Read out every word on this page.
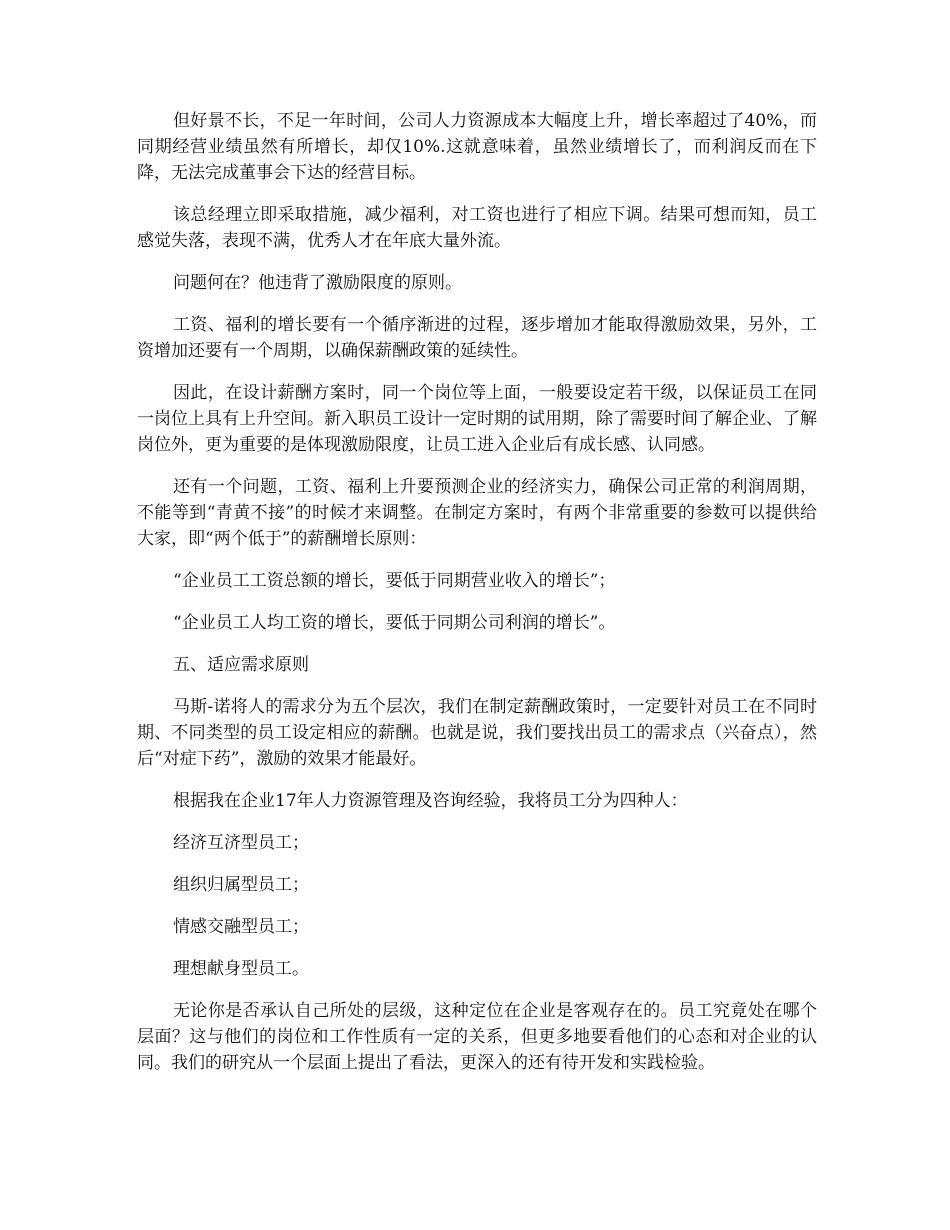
但好景不长，不足一年时间，公司人力资源成本大幅度上升，增长率超过了40%，而同期经营业绩虽然有所增长，却仅10%.这就意味着，虽然业绩增长了，而利润反而在下降，无法完成董事会下达的经营目标。

该总经理立即采取措施，减少福利，对工资也进行了相应下调。结果可想而知，员工感觉失落，表现不满，优秀人才在年底大量外流。

问题何在？他违背了激励限度的原则。

工资、福利的增长要有一个循序渐进的过程，逐步增加才能取得激励效果，另外，工资增加还要有一个周期，以确保薪酬政策的延续性。

因此，在设计薪酬方案时，同一个岗位等上面，一般要设定若干级，以保证员工在同一岗位上具有上升空间。新入职员工设计一定时期的试用期，除了需要时间了解企业、了解岗位外，更为重要的是体现激励限度，让员工进入企业后有成长感、认同感。

还有一个问题，工资、福利上升要预测企业的经济实力，确保公司正常的利润周期，不能等到“青黄不接”的时候才来调整。在制定方案时，有两个非常重要的参数可以提供给大家，即“两个低于”的薪酬增长原则：

“企业员工工资总额的增长，要低于同期营业收入的增长”；

“企业员工人均工资的增长，要低于同期公司利润的增长”。

五、适应需求原则

马斯-诺将人的需求分为五个层次，我们在制定薪酬政策时，一定要针对员工在不同时期、不同类型的员工设定相应的薪酬。也就是说，我们要找出员工的需求点（兴奋点），然后“对症下药”，激励的效果才能最好。

根据我在企业17年人力资源管理及咨询经验，我将员工分为四种人：

经济互济型员工；

组织归属型员工；

情感交融型员工；

理想献身型员工。

无论你是否承认自己所处的层级，这种定位在企业是客观存在的。员工究竟处在哪个层面？这与他们的岗位和工作性质有一定的关系，但更多地要看他们的心态和对企业的认同。我们的研究从一个层面上提出了看法，更深入的还有待开发和实践检验。
